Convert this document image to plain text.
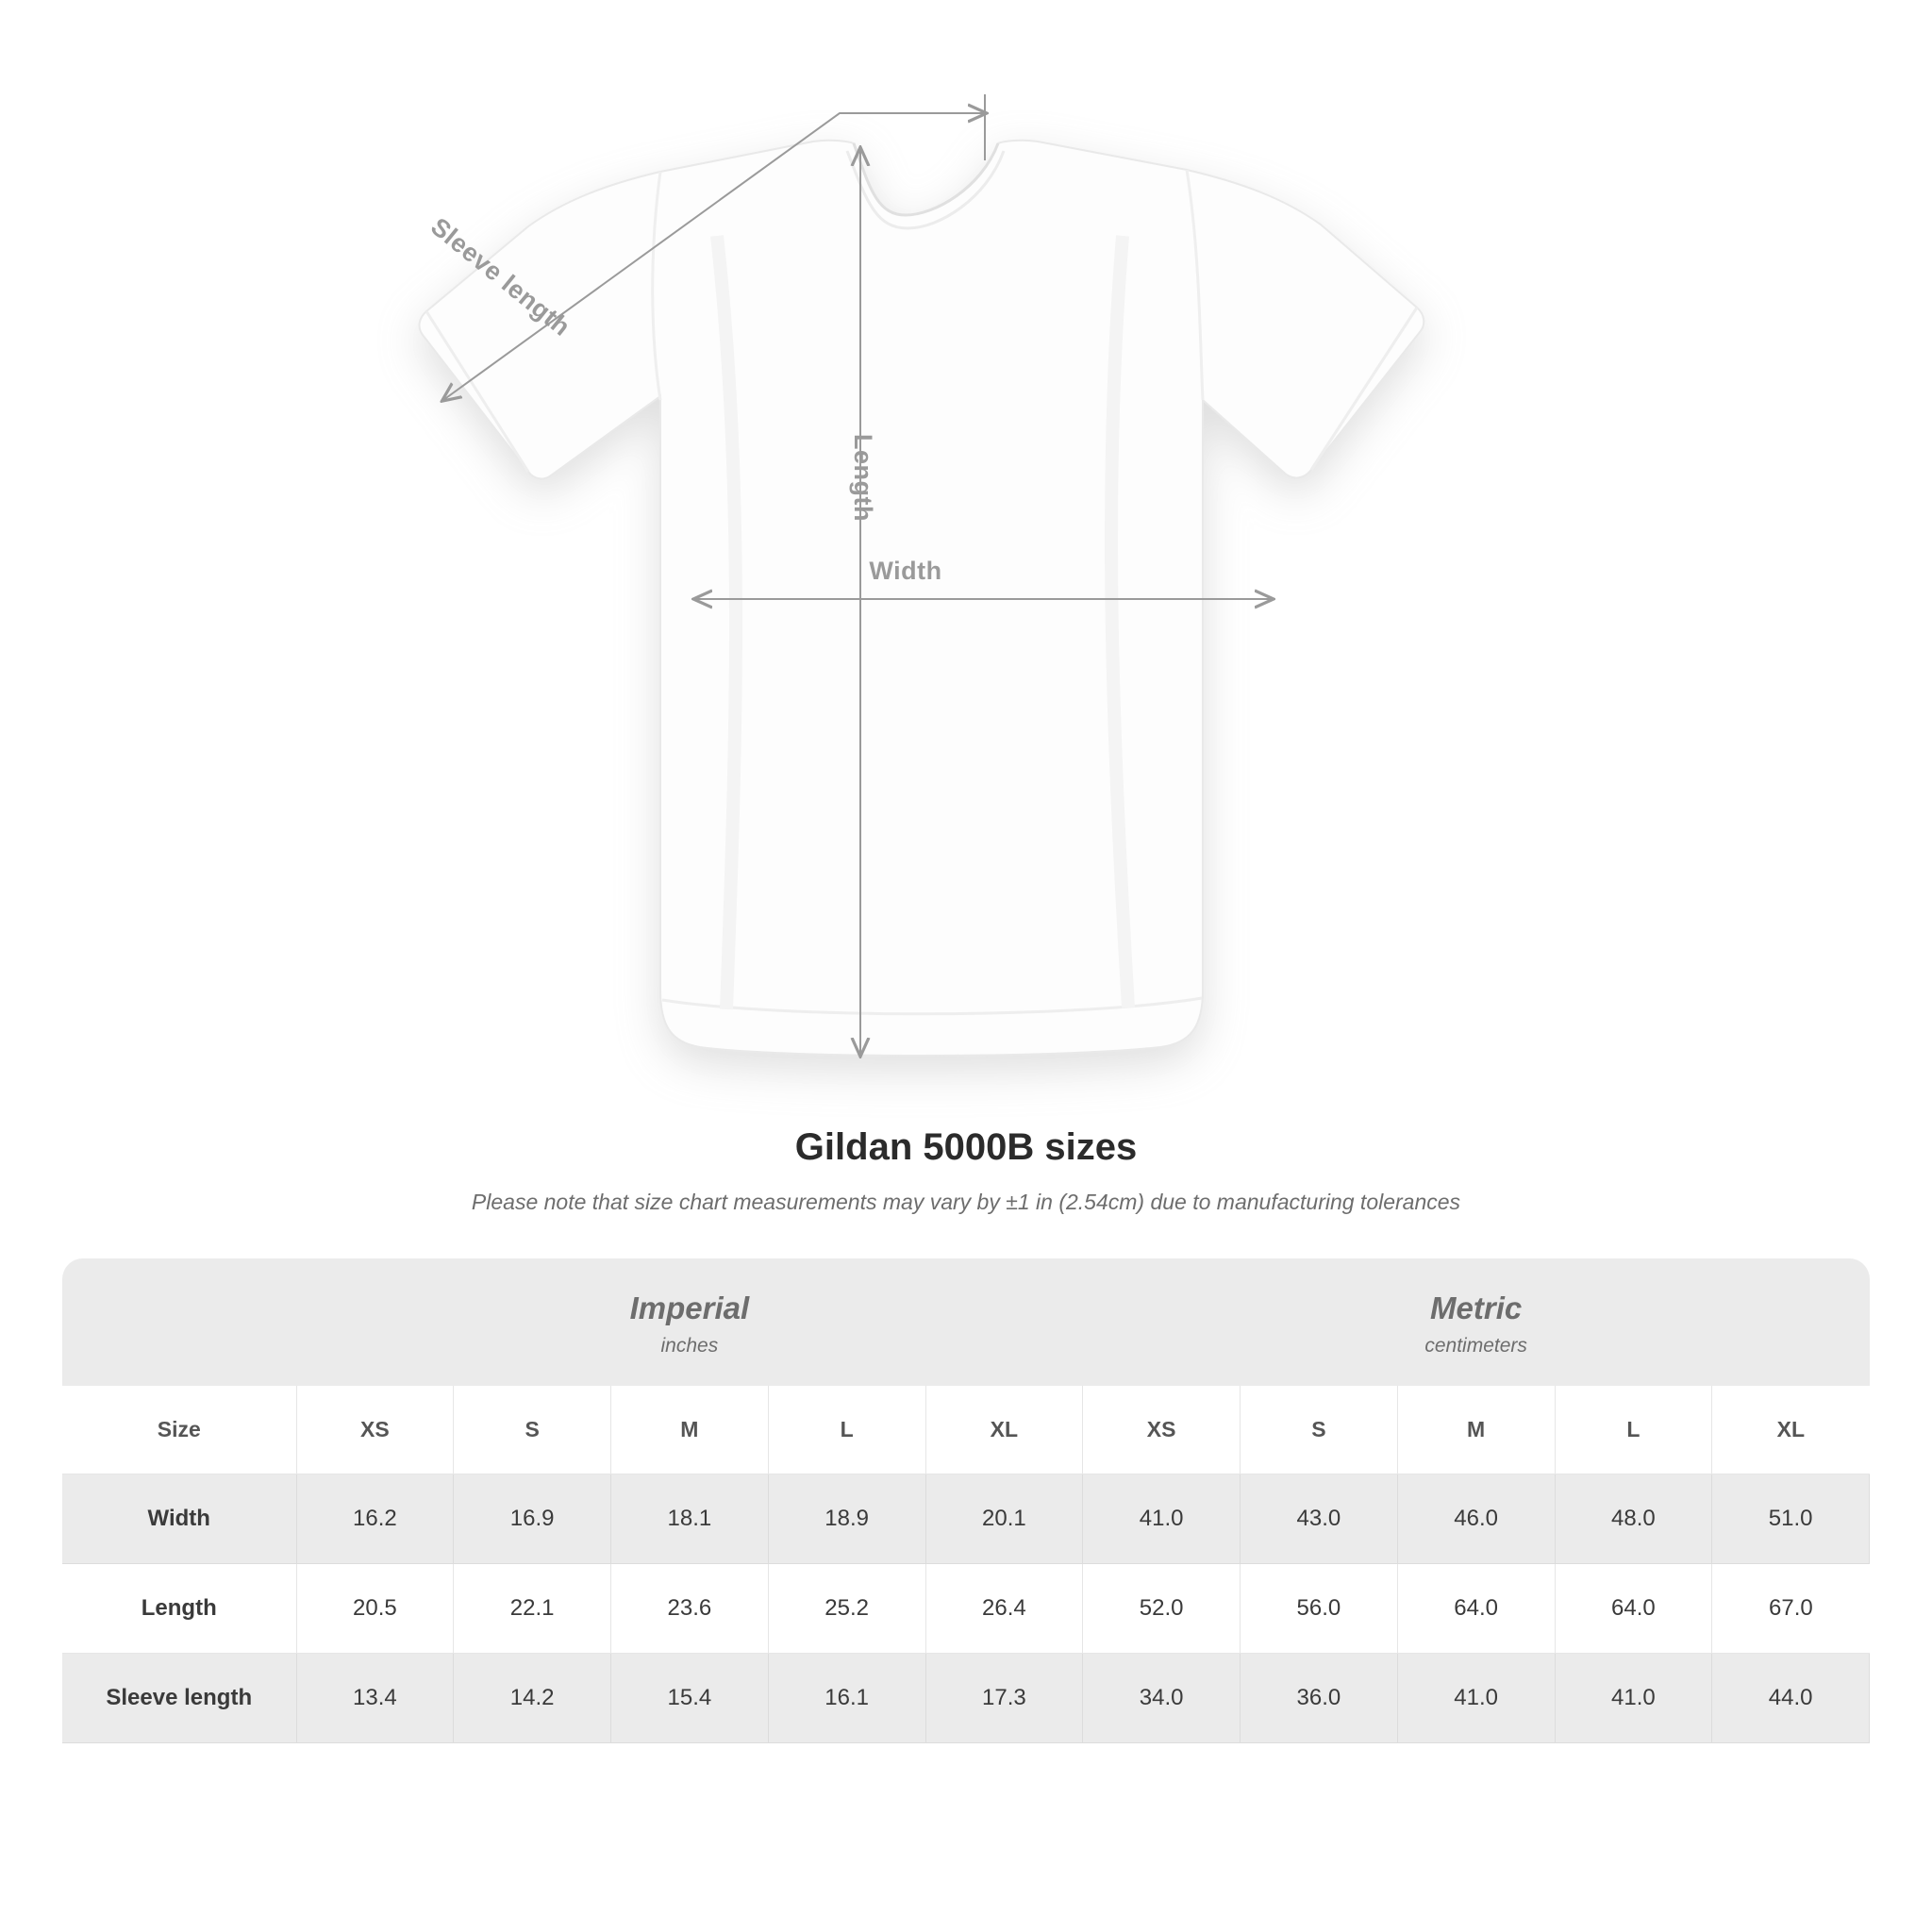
Width
Length
Sleeve length
Gildan 5000B sizes
Please note that size chart measurements may vary by ±1 in (2.54cm) due to manufacturing tolerances

Imperial
inches

Metric
centimeters

Size	XS	S	M	L	XL	XS	S	M	L	XL
Width	16.2	16.9	18.1	18.9	20.1	41.0	43.0	46.0	48.0	51.0
Length	20.5	22.1	23.6	25.2	26.4	52.0	56.0	64.0	64.0	67.0
Sleeve length	13.4	14.2	15.4	16.1	17.3	34.0	36.0	41.0	41.0	44.0
